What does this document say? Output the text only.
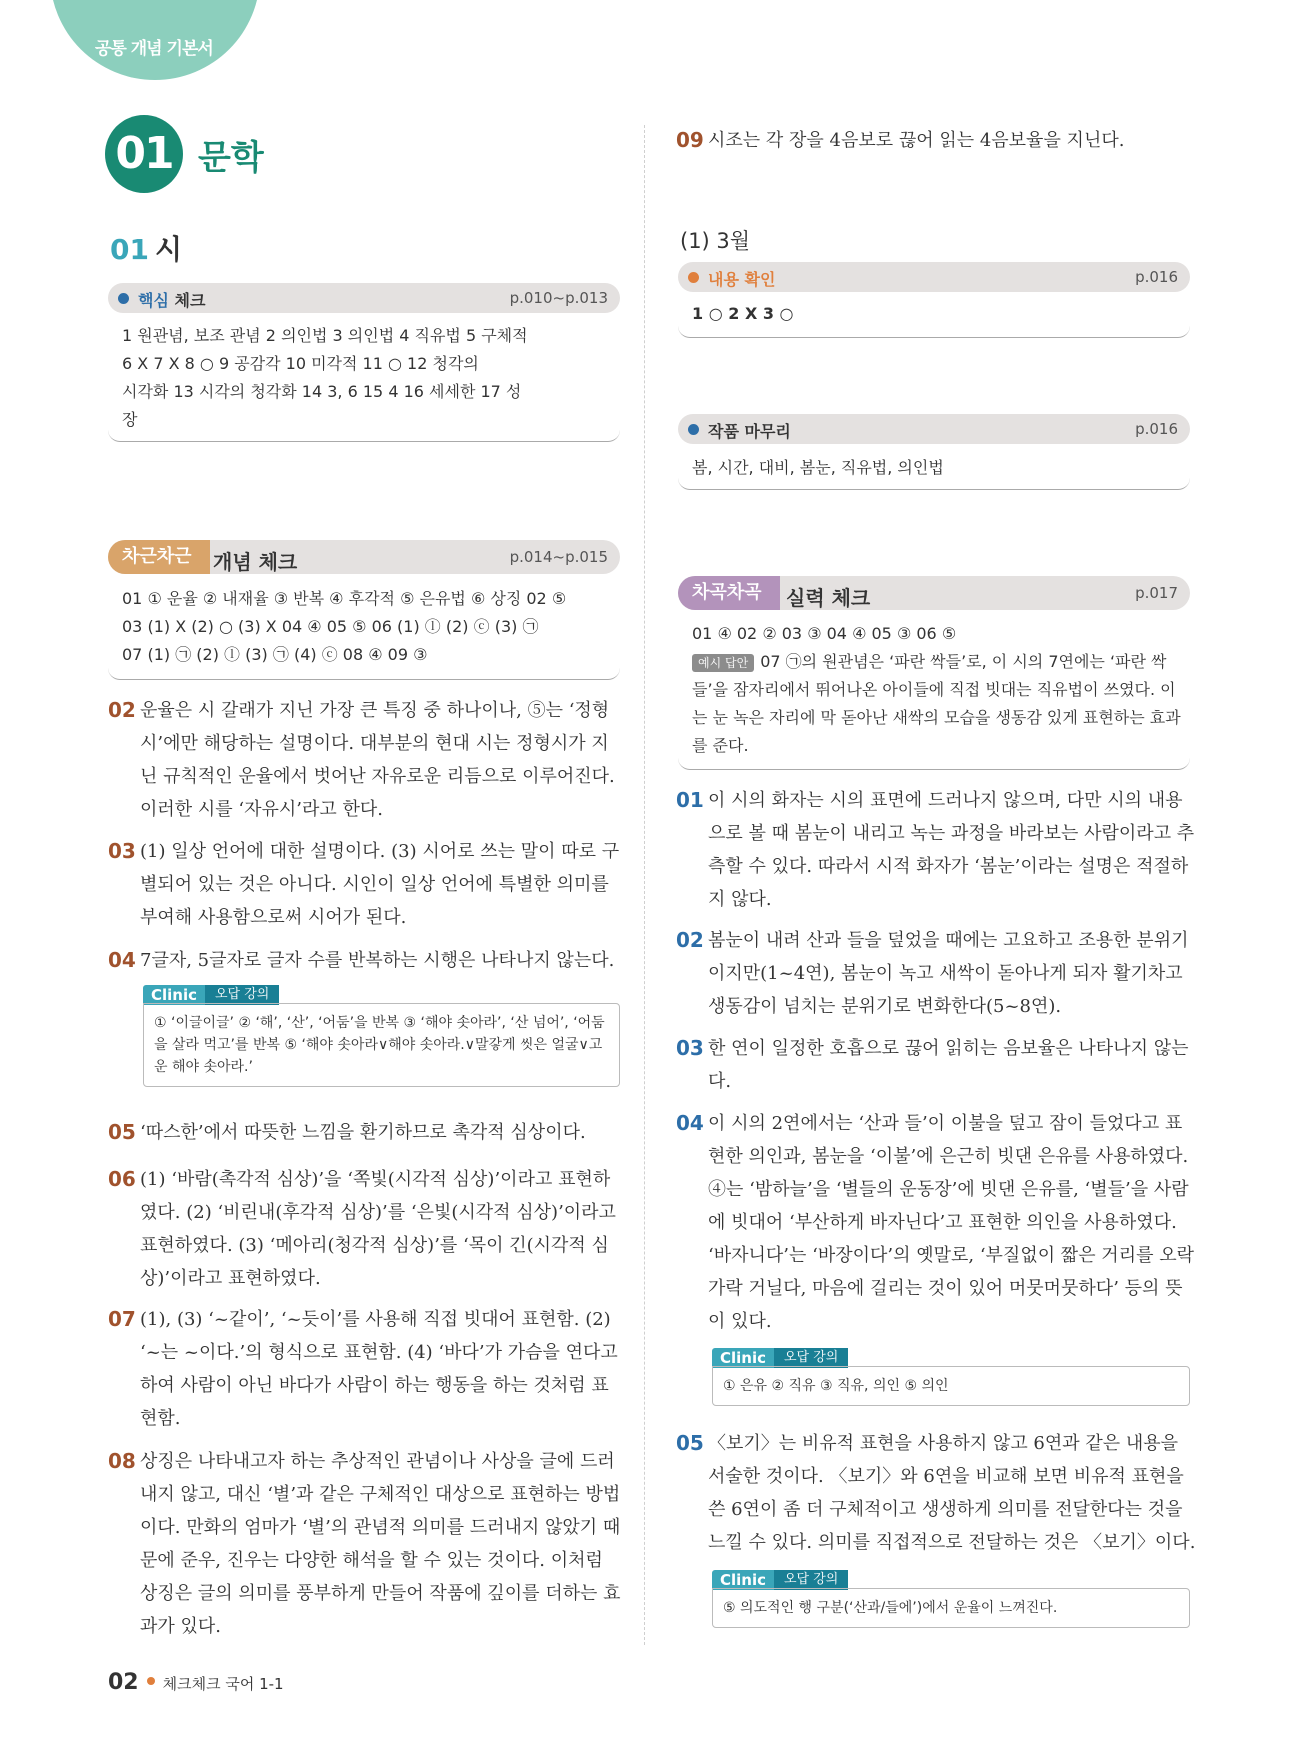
공통 개념 기본서
01 문학
01 시
핵심 체크	p.010~p.013
1 원관념, 보조 관념 2 의인법 3 의인법 4 직유법 5 구체적
6 X 7 X 8 ○ 9 공감각 10 미각적 11 ○ 12 청각의
시각화 13 시각의 청각화 14 3, 6 15 4 16 세세한 17 성
장
차근차근	개념 체크	p.014~p.015
01 ① 운율 ② 내재율 ③ 반복 ④ 후각적 ⑤ 은유법 ⑥ 상징 02 ⑤
03 (1) X (2) ○ (3) X 04 ④ 05 ⑤ 06 (1) ⓛ (2) ⓒ (3) ㉠
07 (1) ㉠ (2) ⓛ (3) ㉠ (4) ⓒ 08 ④ 09 ③
02 운율은 시 갈래가 지닌 가장 큰 특징 중 하나이나, ⑤는 ‘정형시’에만 해당하는 설명이다. 대부분의 현대 시는 정형시가 지닌 규칙적인 운율에서 벗어난 자유로운 리듬으로 이루어진다. 이러한 시를 ‘자유시’라고 한다.
03 (1) 일상 언어에 대한 설명이다. (3) 시어로 쓰는 말이 따로 구별되어 있는 것은 아니다. 시인이 일상 언어에 특별한 의미를 부여해 사용함으로써 시어가 된다.
04 7글자, 5글자로 글자 수를 반복하는 시행은 나타나지 않는다.
Clinic	오답 강의
① ‘이글이글’ ② ‘해’, ‘산’, ‘어둠’을 반복 ③ ‘해야 솟아라’, ‘산 넘어’, ‘어둠을 살라 먹고’를 반복 ⑤ ‘해야 솟아라∨해야 솟아라.∨말갛게 씻은 얼굴∨고운 해야 솟아라.’
05 ‘따스한’에서 따뜻한 느낌을 환기하므로 촉각적 심상이다.
06 (1) ‘바람(촉각적 심상)’을 ‘쪽빛(시각적 심상)’이라고 표현하였다. (2) ‘비린내(후각적 심상)’를 ‘은빛(시각적 심상)’이라고 표현하였다. (3) ‘메아리(청각적 심상)’를 ‘목이 긴(시각적 심상)’이라고 표현하였다.
07 (1), (3) ‘~같이’, ‘~듯이’를 사용해 직접 빗대어 표현함. (2) ‘~는 ~이다.’의 형식으로 표현함. (4) ‘바다’가 가슴을 연다고 하여 사람이 아닌 바다가 사람이 하는 행동을 하는 것처럼 표현함.
08 상징은 나타내고자 하는 추상적인 관념이나 사상을 글에 드러내지 않고, 대신 ‘별’과 같은 구체적인 대상으로 표현하는 방법이다. 만화의 엄마가 ‘별’의 관념적 의미를 드러내지 않았기 때문에 준우, 진우는 다양한 해석을 할 수 있는 것이다. 이처럼 상징은 글의 의미를 풍부하게 만들어 작품에 깊이를 더하는 효과가 있다.
09 시조는 각 장을 4음보로 끊어 읽는 4음보율을 지닌다.
(1) 3월
내용 확인	p.016
1 ○ 2 X 3 ○
작품 마무리	p.016
봄, 시간, 대비, 봄눈, 직유법, 의인법
차곡차곡	실력 체크	p.017
01 ④ 02 ② 03 ③ 04 ④ 05 ③ 06 ⑤
예시 답안 07 ㉠의 원관념은 ‘파란 싹들’로, 이 시의 7연에는 ‘파란 싹들’을 잠자리에서 뛰어나온 아이들에 직접 빗대는 직유법이 쓰였다. 이는 눈 녹은 자리에 막 돋아난 새싹의 모습을 생동감 있게 표현하는 효과를 준다.
01 이 시의 화자는 시의 표면에 드러나지 않으며, 다만 시의 내용으로 볼 때 봄눈이 내리고 녹는 과정을 바라보는 사람이라고 추측할 수 있다. 따라서 시적 화자가 ‘봄눈’이라는 설명은 적절하지 않다.
02 봄눈이 내려 산과 들을 덮었을 때에는 고요하고 조용한 분위기이지만(1~4연), 봄눈이 녹고 새싹이 돋아나게 되자 활기차고 생동감이 넘치는 분위기로 변화한다(5~8연).
03 한 연이 일정한 호흡으로 끊어 읽히는 음보율은 나타나지 않는다.
04 이 시의 2연에서는 ‘산과 들’이 이불을 덮고 잠이 들었다고 표현한 의인과, 봄눈을 ‘이불’에 은근히 빗댄 은유를 사용하였다. ④는 ‘밤하늘’을 ‘별들의 운동장’에 빗댄 은유를, ‘별들’을 사람에 빗대어 ‘부산하게 바자닌다’고 표현한 의인을 사용하였다. ‘바자니다’는 ‘바장이다’의 옛말로, ‘부질없이 짧은 거리를 오락가락 거닐다, 마음에 걸리는 것이 있어 머뭇머뭇하다’ 등의 뜻이 있다.
Clinic	오답 강의
① 은유 ② 직유 ③ 직유, 의인 ⑤ 의인
05 〈보기〉는 비유적 표현을 사용하지 않고 6연과 같은 내용을 서술한 것이다. 〈보기〉와 6연을 비교해 보면 비유적 표현을 쓴 6연이 좀 더 구체적이고 생생하게 의미를 전달한다는 것을 느낄 수 있다. 의미를 직접적으로 전달하는 것은 〈보기〉이다.
Clinic	오답 강의
⑤ 의도적인 행 구분(‘산과/들에’)에서 운율이 느껴진다.
02 체크체크 국어 1-1
